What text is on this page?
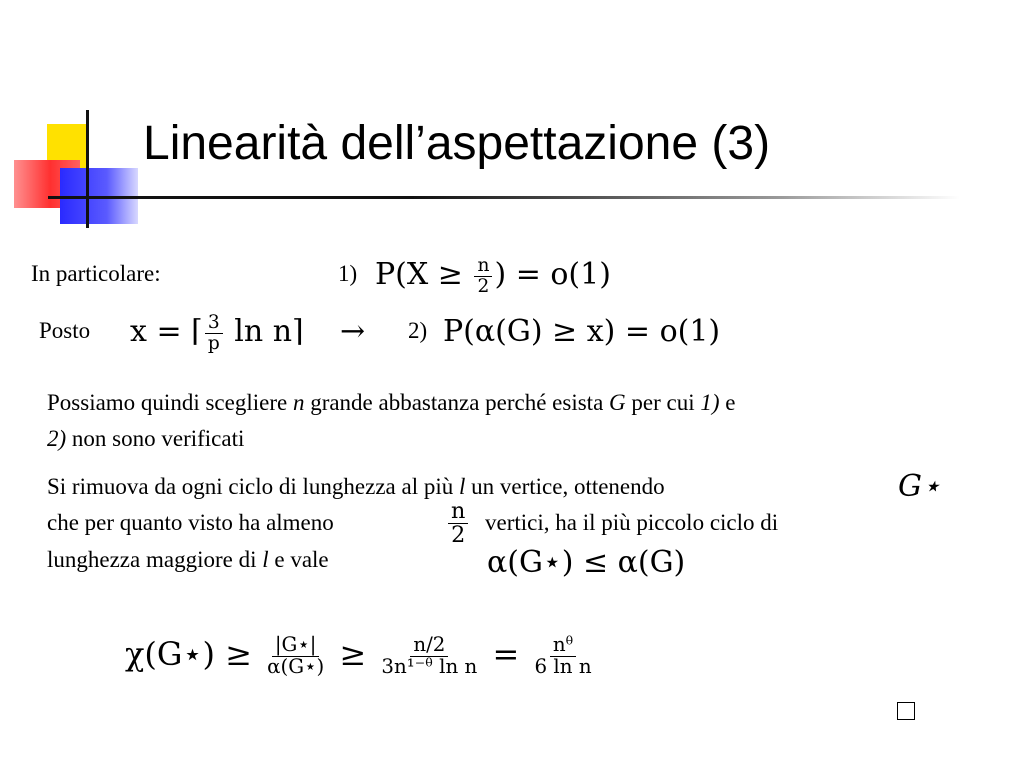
Linearità dell’aspettazione (3)
In particolare:	1) $P(X \ge \frac{n}{2}$ ) = o(1)
Posto x = ⌈ $\frac{3}{p}$ ln n⌉ → 2) P(α(G) ≥ x) = o(1)
Possiamo quindi scegliere n grande abbastanza perché esista G per cui 1) e
2) non sono verificati
Si rimuova da ogni ciclo di lunghezza al più l un vertice, ottenendo	G⋆
che per quanto visto ha almeno	$\frac{n}{2}$ vertici, ha il più piccolo ciclo di
lunghezza maggiore di l e vale	α(G⋆) ≤ α(G)
χ(G⋆) ≥ $\frac{|G⋆|}{\alpha(G⋆)} \ge \frac{n/2}{\text{3n¹⁻ᶿ ln n}} = \frac{\text{nᶿ}}{\text{6 ln n}}$
